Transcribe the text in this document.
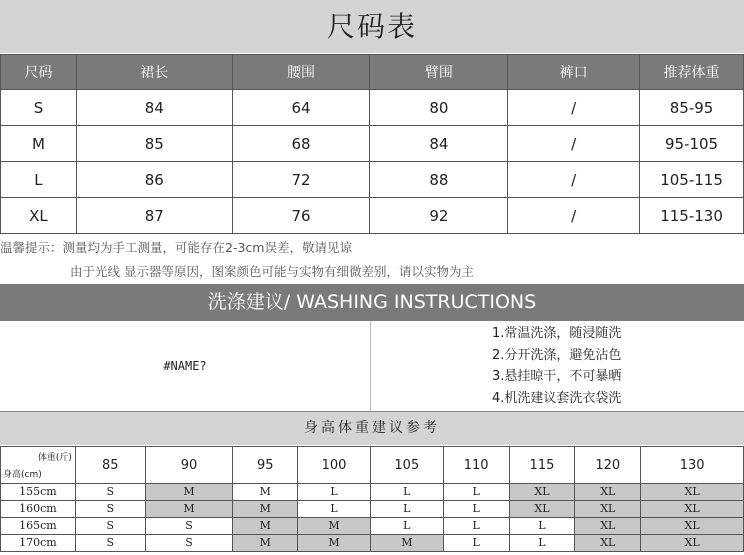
尺码表
尺码	裙长	腰围	臂围	裤口	推荐体重
S	84	64	80	/	85-95
M	85	68	84	/	95-105
L	86	72	88	/	105-115
XL	87	76	92	/	115-130
温馨提示：测量均为手工测量，可能存在2-3cm误差，敬请见谅
由于光线 显示器等原因，图案颜色可能与实物有细微差别，请以实物为主
洗涤建议/ WASHING INSTRUCTIONS
#NAME?
1.常温洗涤，随浸随洗
2.分开洗涤，避免沾色
3.悬挂晾干，不可暴晒
4.机洗建议套洗衣袋洗
身高体重建议参考
体重(斤)
身高(cm)	85	90	95	100	105	110	115	120	130
155cm	S	M	M	L	L	L	XL	XL	XL
160cm	S	M	M	L	L	L	XL	XL	XL
165cm	S	S	M	M	L	L	L	XL	XL
170cm	S	S	M	M	M	L	L	XL	XL
